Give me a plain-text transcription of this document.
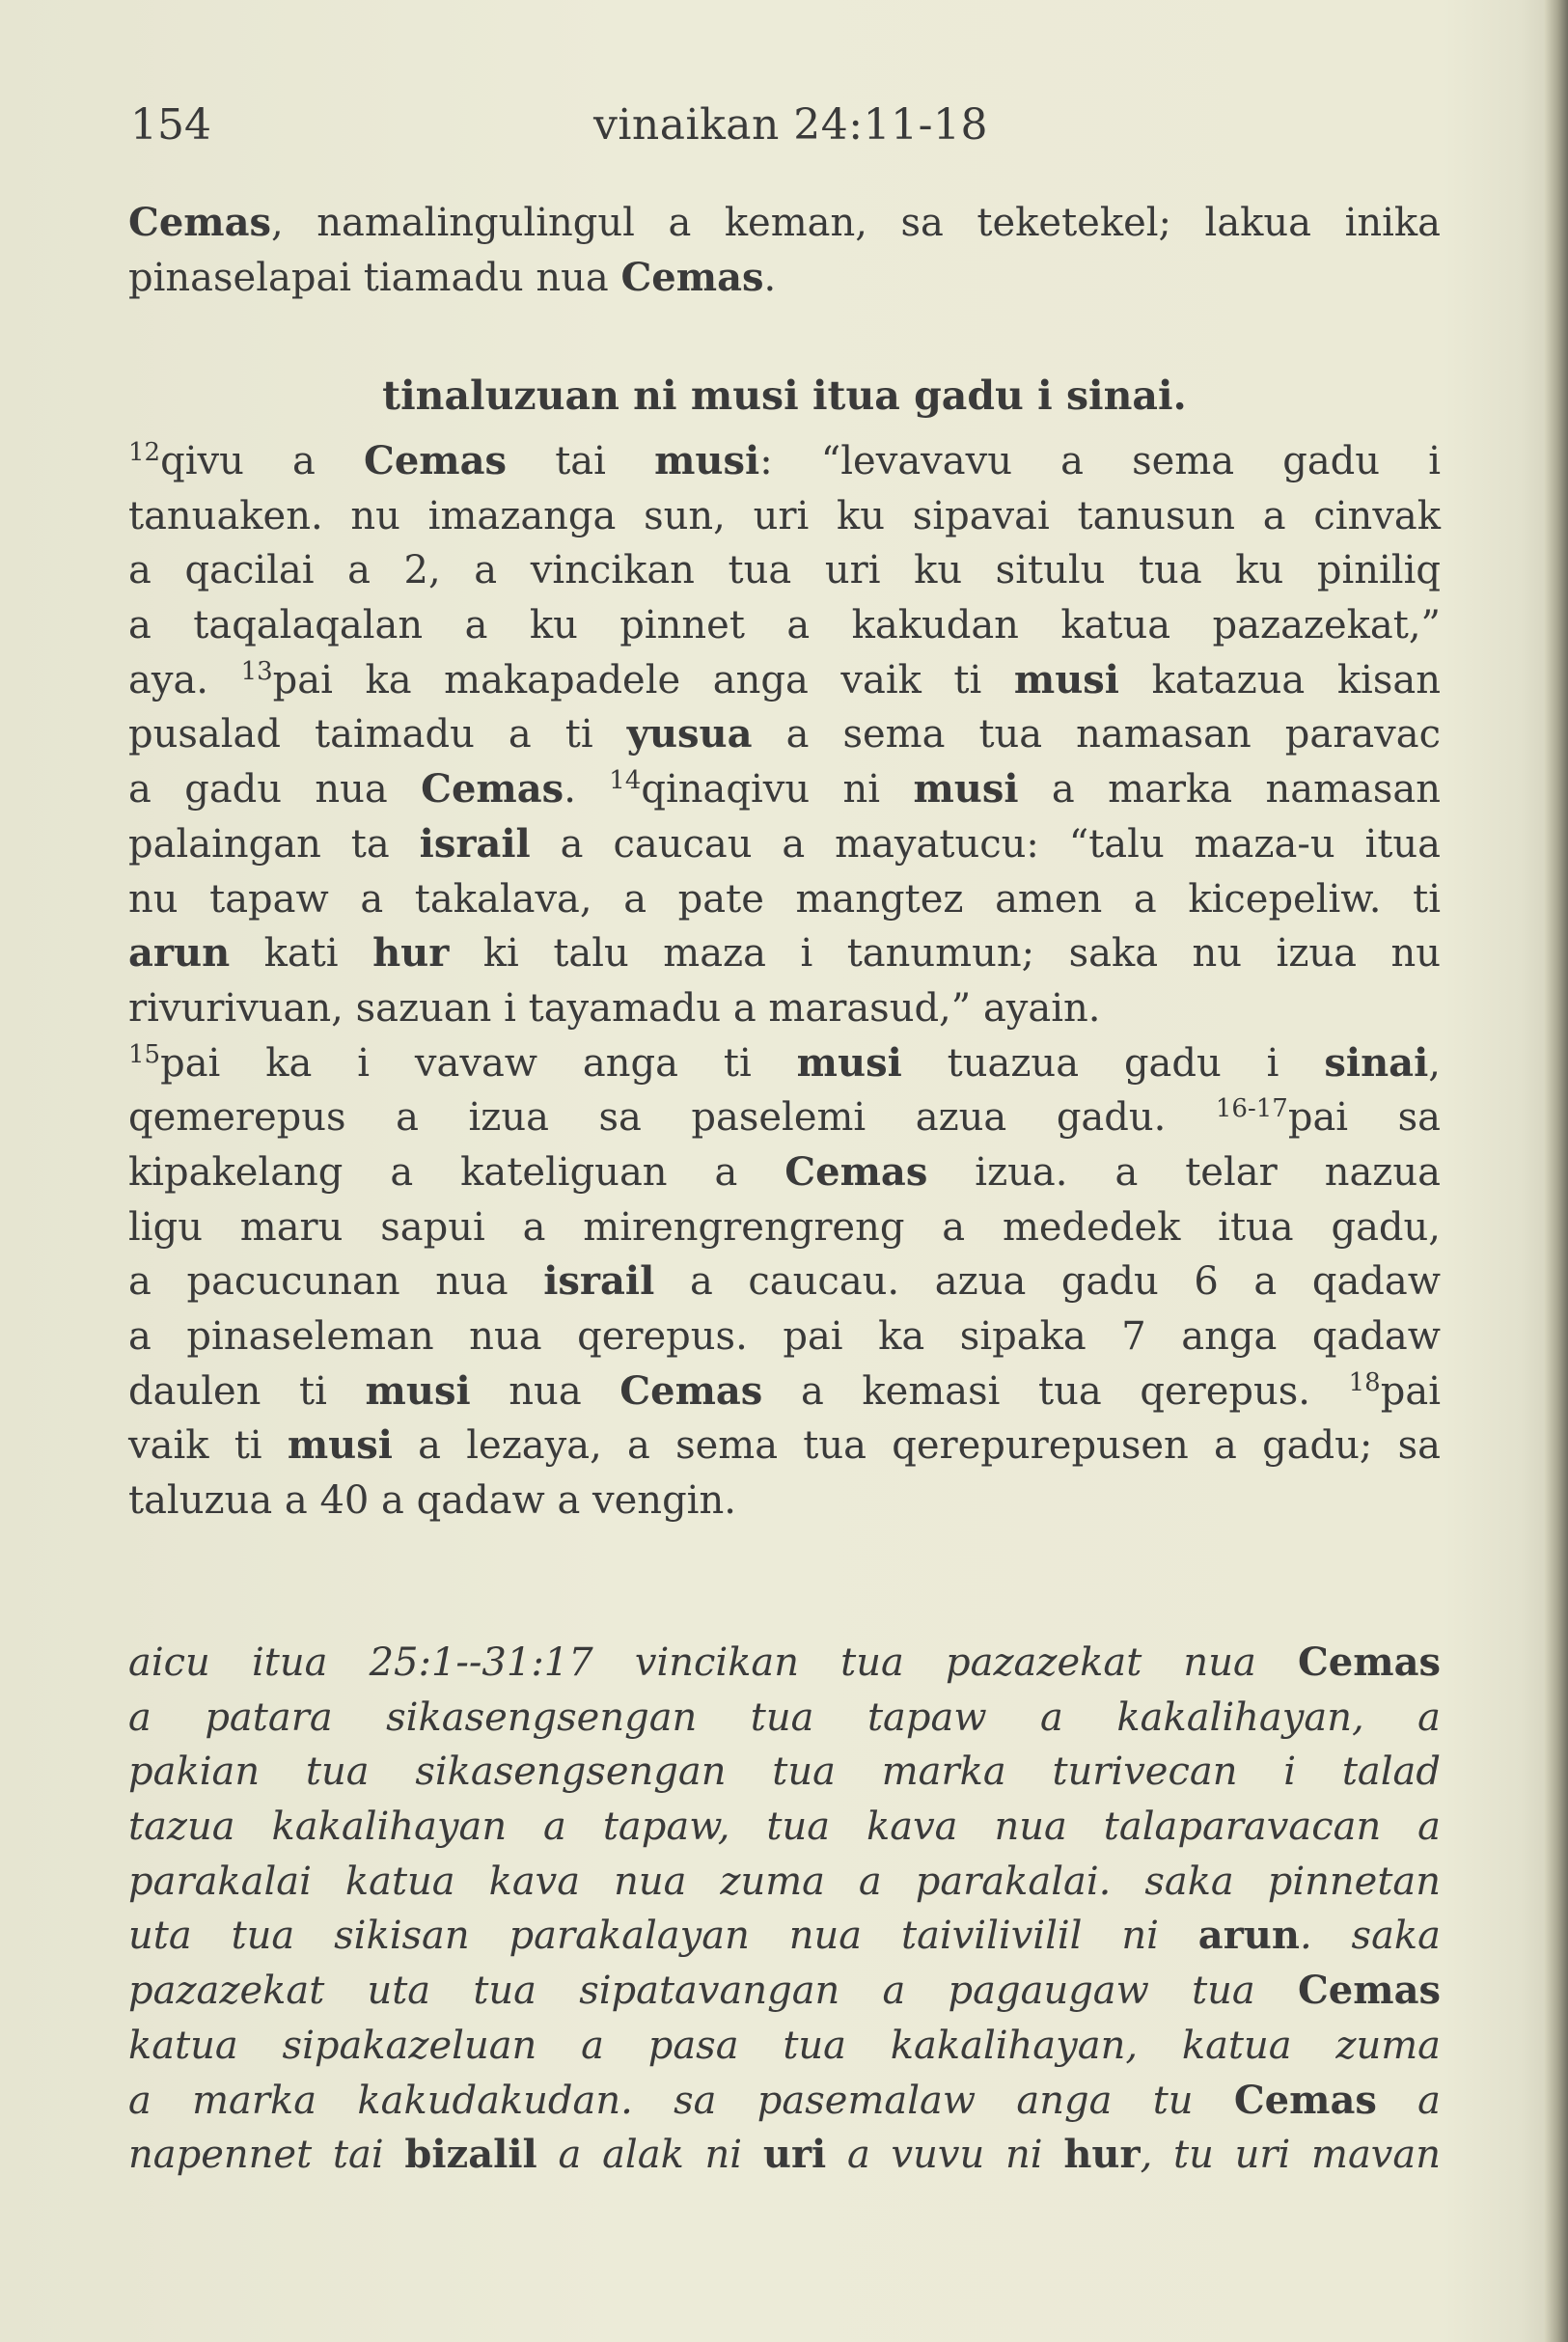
154	vinaikan 24:11-18
Cemas, namalingulingul a keman, sa teketekel; lakua inika
pinaselapai tiamadu nua Cemas.
tinaluzuan ni musi itua gadu i sinai.
$^{12}$qivu a Cemas tai musi: “levavavu a sema gadu i
tanuaken. nu imazanga sun, uri ku sipavai tanusun a cinvak
a qacilai a 2, a vincikan tua uri ku situlu tua ku piniliq
a taqalaqalan a ku pinnet a kakudan katua pazazekat,”
aya. $^{13}$pai ka makapadele anga vaik ti musi katazua kisan
pusalad taimadu a ti yusua a sema tua namasan paravac
a gadu nua Cemas. $^{14}$qinaqivu ni musi a marka namasan
palaingan ta israil a caucau a mayatucu: “talu maza-u itua
nu tapaw a takalava, a pate mangtez amen a kicepeliw. ti
arun kati hur ki talu maza i tanumun; saka nu izua nu
rivurivuan, sazuan i tayamadu a marasud,” ayain.
$^{15}$pai ka i vavaw anga ti musi tuazua gadu i sinai,
qemerepus a izua sa paselemi azua gadu. $^{16-17}$pai sa
kipakelang a kateliguan a Cemas izua. a telar nazua
ligu maru sapui a mirengrengreng a mededek itua gadu,
a pacucunan nua israil a caucau. azua gadu 6 a qadaw
a pinaseleman nua qerepus. pai ka sipaka 7 anga qadaw
daulen ti musi nua Cemas a kemasi tua qerepus. $^{18}$pai
vaik ti musi a lezaya, a sema tua qerepurepusen a gadu; sa
taluzua a 40 a qadaw a vengin.
aicu itua 25:1--31:17 vincikan tua pazazekat nua Cemas
a patara sikasengsengan tua tapaw a kakalihayan, a
pakian tua sikasengsengan tua marka turivecan i talad
tazua kakalihayan a tapaw, tua kava nua talaparavacan a
parakalai katua kava nua zuma a parakalai. saka pinnetan
uta tua sikisan parakalayan nua taivilivilil ni arun. saka
pazazekat uta tua sipatavangan a pagaugaw tua Cemas
katua sipakazeluan a pasa tua kakalihayan, katua zuma
a marka kakudakudan. sa pasemalaw anga tu Cemas a
napennet tai bizalil a alak ni uri a vuvu ni hur, tu uri mavan
